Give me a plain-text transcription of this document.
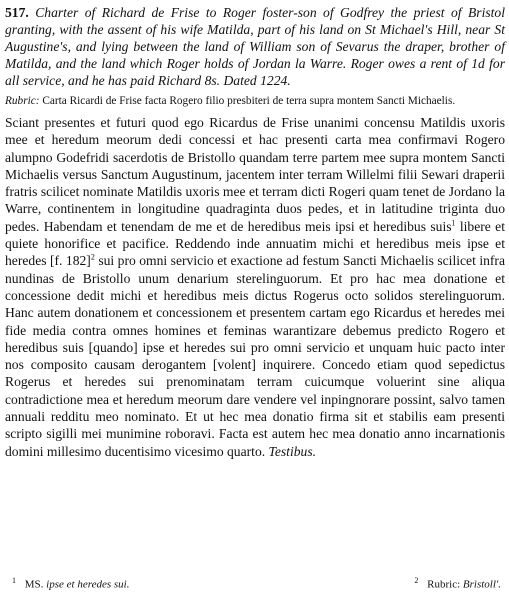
517. Charter of Richard de Frise to Roger foster-son of Godfrey the priest of Bristol granting, with the assent of his wife Matilda, part of his land on St Michael's Hill, near St Augustine's, and lying between the land of William son of Sevarus the draper, brother of Matilda, and the land which Roger holds of Jordan la Warre. Roger owes a rent of 1d for all service, and he has paid Richard 8s. Dated 1224.

Rubric: Carta Ricardi de Frise facta Rogero filio presbiteri de terra supra montem Sancti Michaelis.

Sciant presentes et futuri quod ego Ricardus de Frise unanimi concensu Matildis uxoris mee et heredum meorum dedi concessi et hac presenti carta mea confirmavi Rogero alumpno Godefridi sacerdotis de Bristollo quandam terre partem mee supra montem Sancti Michaelis versus Sanctum Augustinum, jacentem inter terram Willelmi filii Sewari draperii fratris scilicet nominate Matildis uxoris mee et terram dicti Rogeri quam tenet de Jordano la Warre, continentem in longitudine quadraginta duos pedes, et in latitudine triginta duo pedes. Habendam et tenendam de me et de heredibus meis ipsi et heredibus suis$^1$ libere et quiete honorifice et pacifice. Reddendo inde annuatim michi et heredibus meis ipse et heredes [f. 182]$^2$ sui pro omni servicio et exactione ad festum Sancti Michaelis scilicet infra nundinas de Bristollo unum denarium sterelinguorum. Et pro hac mea donatione et concessione dedit michi et heredibus meis dictus Rogerus octo solidos sterelinguorum. Hanc autem donationem et concessionem et presentem cartam ego Ricardus et heredes mei fide media contra omnes homines et feminas warantizare debemus predicto Rogero et heredibus suis [quando] ipse et heredes sui pro omni servicio et unquam huic pacto inter nos composito causam derogantem [volent] inquirere. Concedo etiam quod sepedictus Rogerus et heredes sui prenominatam terram cuicumque voluerint sine aliqua contradictione mea et heredum meorum dare vendere vel inpingnorare possint, salvo tamen annuali redditu meo nominato. Et ut hec mea donatio firma sit et stabilis eam presenti scripto sigilli mei munimine roboravi. Facta est autem hec mea donatio anno incarnationis domini millesimo ducentisimo vicesimo quarto. Testibus.

$^1$ MS. ipse et heredes sui.	$^2$ Rubric: Bristoll'.
